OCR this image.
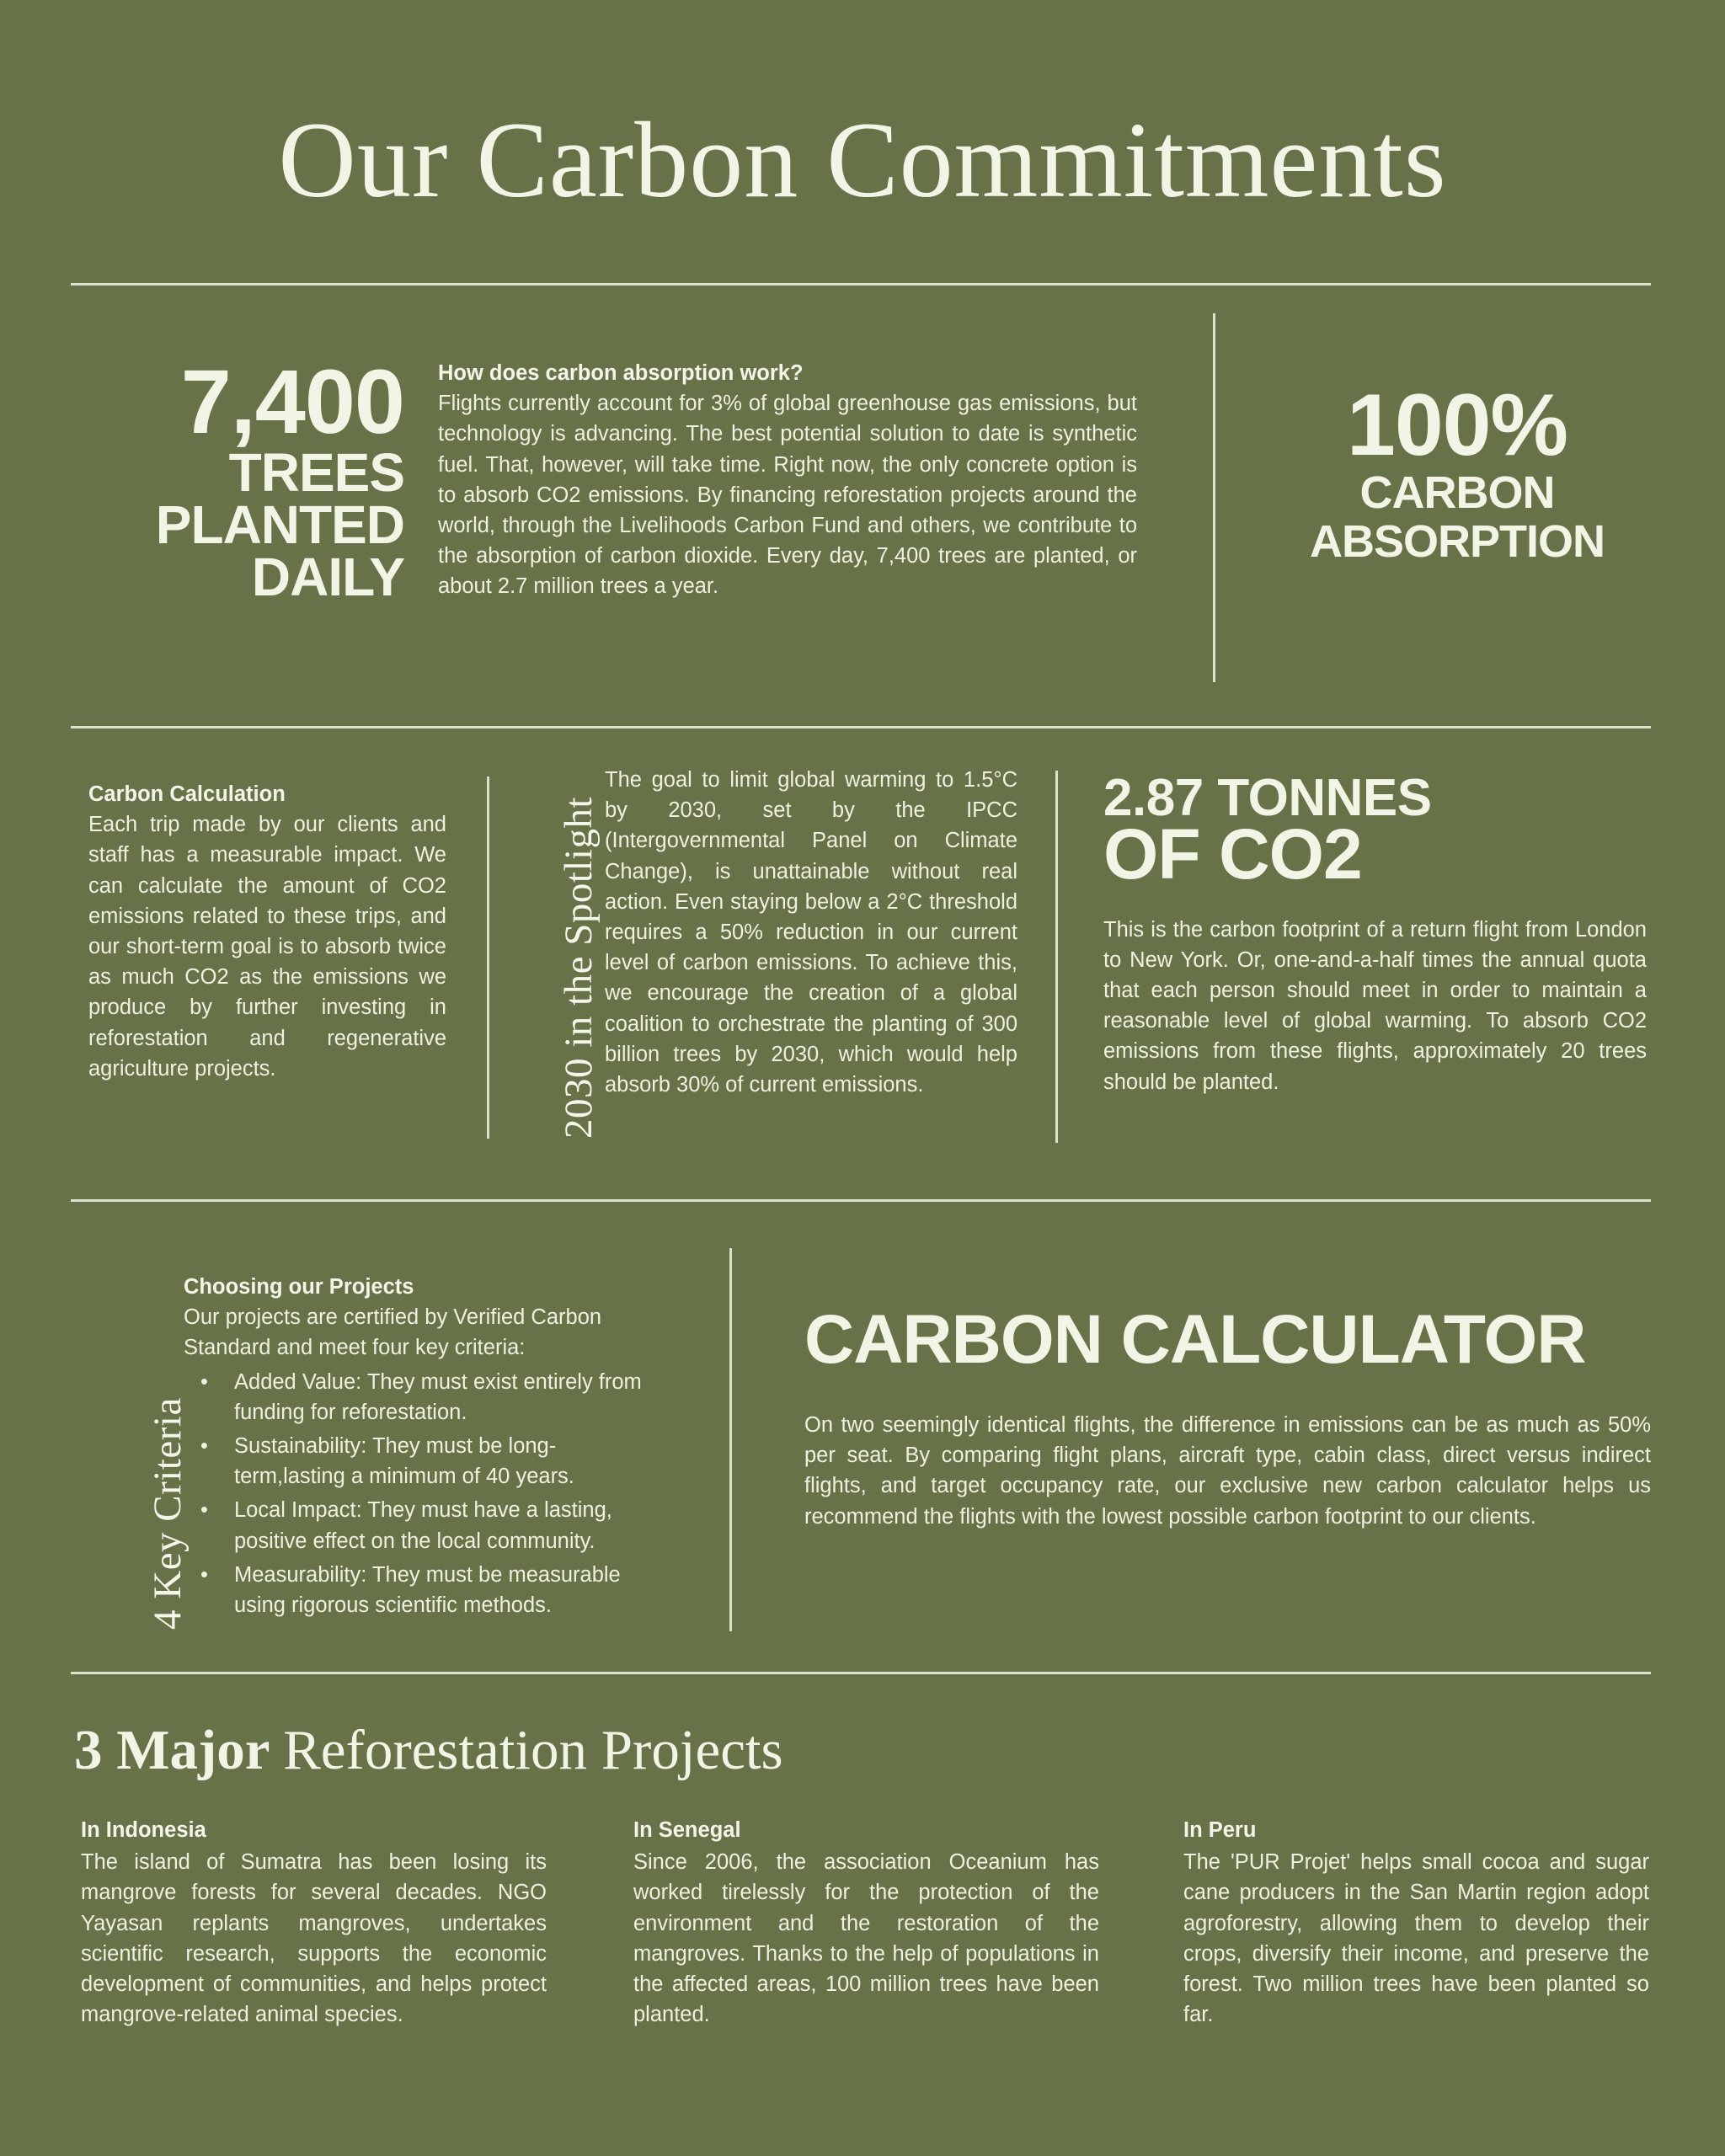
Our Carbon Commitments
7,400
TREES
PLANTED
DAILY
How does carbon absorption work?
Flights currently account for 3% of global greenhouse gas emissions, but technology is advancing. The best potential solution to date is synthetic fuel. That, however, will take time. Right now, the only concrete option is to absorb CO2 emissions. By financing reforestation projects around the world, through the Livelihoods Carbon Fund and others, we contribute to the absorption of carbon dioxide. Every day, 7,400 trees are planted, or about 2.7 million trees a year.
100%
CARBON
ABSORPTION
Carbon Calculation
Each trip made by our clients and staff has a measurable impact. We can calculate the amount of CO2 emissions related to these trips, and our short-term goal is to absorb twice as much CO2 as the emissions we produce by further investing in reforestation and regenerative agriculture projects.	2030 in the Spotlight
The goal to limit global warming to 1.5°C by 2030, set by the IPCC (Intergovernmental Panel on Climate Change), is unattainable without real action. Even staying below a 2°C threshold requires a 50% reduction in our current level of carbon emissions. To achieve this, we encourage the creation of a global coalition to orchestrate the planting of 300 billion trees by 2030, which would help absorb 30% of current emissions.
2.87 TONNES
OF CO2
This is the carbon footprint of a return flight from London to New York. Or, one-and-a-half times the annual quota that each person should meet in order to maintain a reasonable level of global warming. To absorb CO2 emissions from these flights, approximately 20 trees should be planted.
4 Key Criteria
Choosing our Projects
Our projects are certified by Verified Carbon Standard and meet four key criteria:
• Added Value: They must exist entirely from funding for reforestation.
• Sustainability: They must be long-term,lasting a minimum of 40 years.
• Local Impact: They must have a lasting, positive effect on the local community.
• Measurability: They must be measurable using rigorous scientific methods.
CARBON CALCULATOR
On two seemingly identical flights, the difference in emissions can be as much as 50% per seat. By comparing flight plans, aircraft type, cabin class, direct versus indirect flights, and target occupancy rate, our exclusive new carbon calculator helps us recommend the flights with the lowest possible carbon footprint to our clients.
3 Major Reforestation Projects
In Indonesia
The island of Sumatra has been losing its mangrove forests for several decades. NGO Yayasan replants mangroves, undertakes scientific research, supports the economic development of communities, and helps protect mangrove-related animal species.
In Senegal
Since 2006, the association Oceanium has worked tirelessly for the protection of the environment and the restoration of the mangroves. Thanks to the help of populations in the affected areas, 100 million trees have been planted.
In Peru
The 'PUR Projet' helps small cocoa and sugar cane producers in the San Martin region adopt agroforestry, allowing them to develop their crops, diversify their income, and preserve the forest. Two million trees have been planted so far.
